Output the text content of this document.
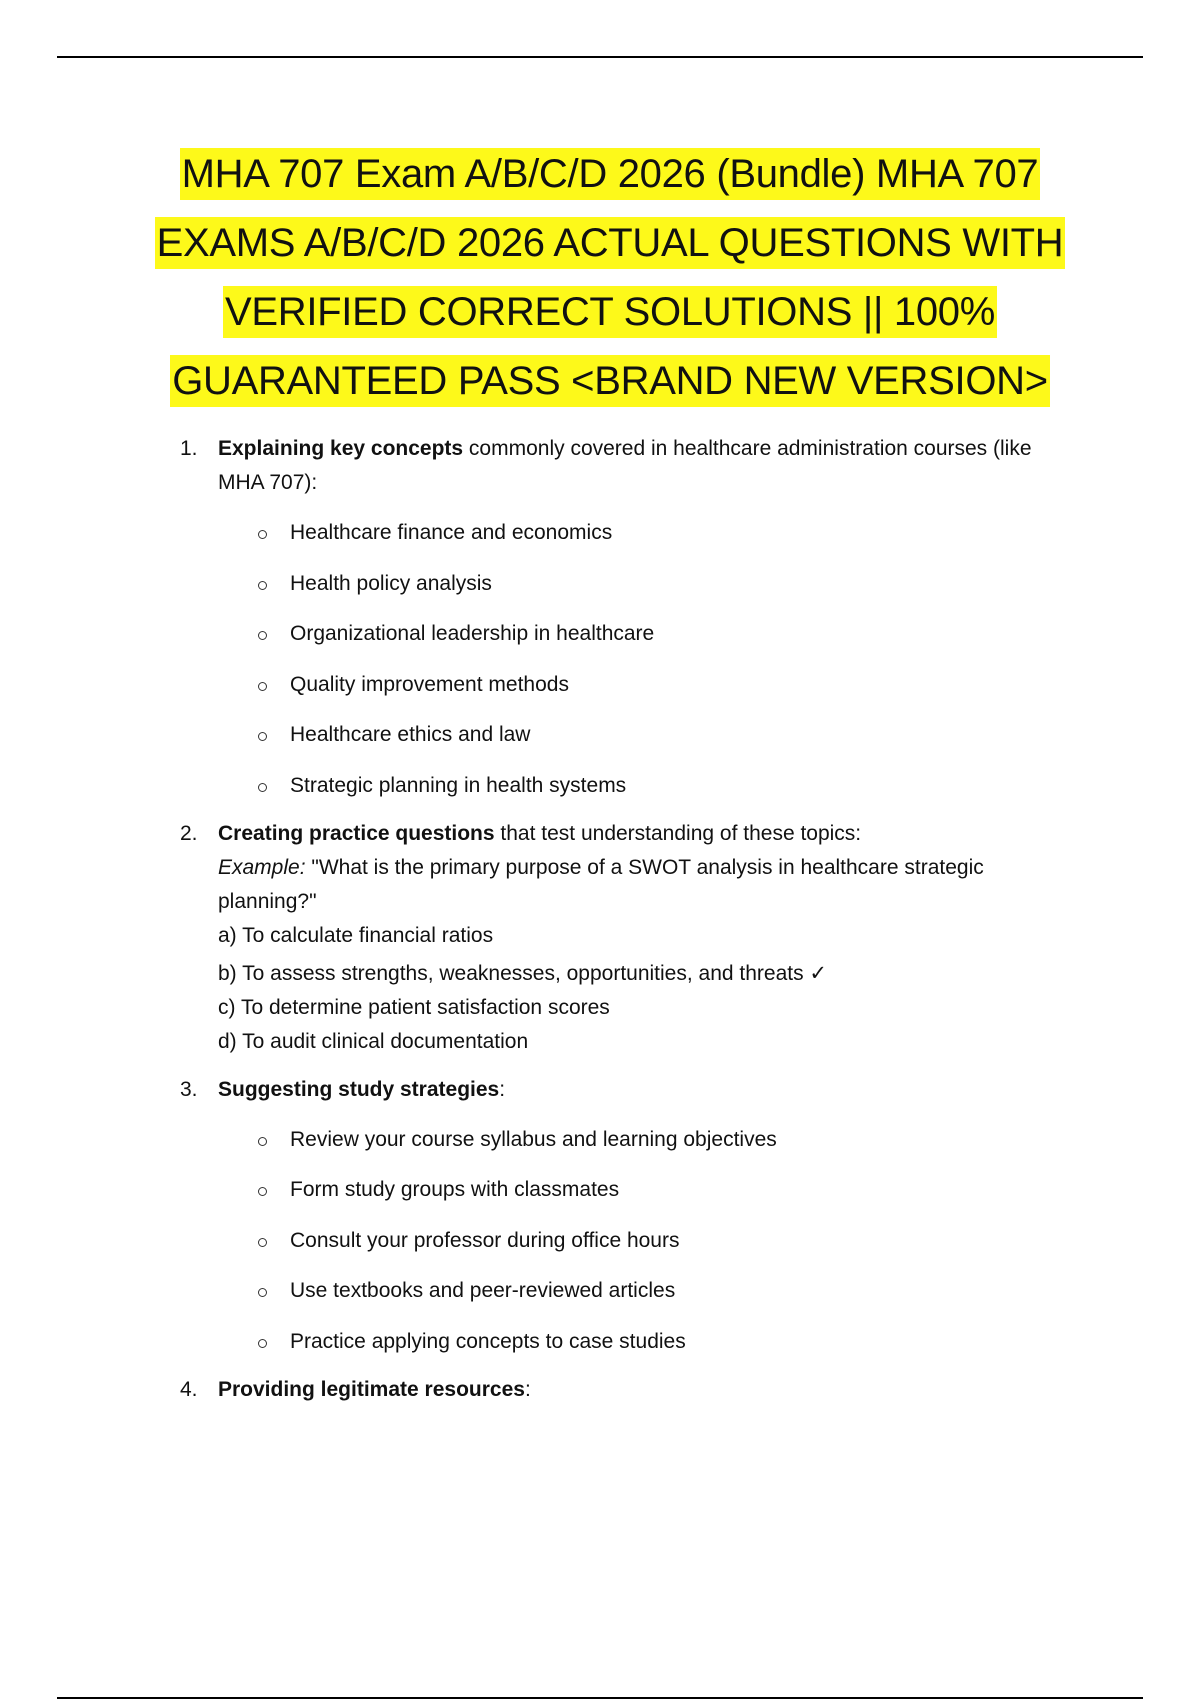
MHA 707 Exam A/B/C/D 2026 (Bundle) MHA 707 EXAMS A/B/C/D 2026 ACTUAL QUESTIONS WITH VERIFIED CORRECT SOLUTIONS || 100% GUARANTEED PASS <BRAND NEW VERSION>
1. Explaining key concepts commonly covered in healthcare administration courses (like MHA 707):
Healthcare finance and economics
Health policy analysis
Organizational leadership in healthcare
Quality improvement methods
Healthcare ethics and law
Strategic planning in health systems
2. Creating practice questions that test understanding of these topics:
Example: "What is the primary purpose of a SWOT analysis in healthcare strategic planning?"
a) To calculate financial ratios
b) To assess strengths, weaknesses, opportunities, and threats ✓
c) To determine patient satisfaction scores
d) To audit clinical documentation
3. Suggesting study strategies:
Review your course syllabus and learning objectives
Form study groups with classmates
Consult your professor during office hours
Use textbooks and peer-reviewed articles
Practice applying concepts to case studies
4. Providing legitimate resources:
